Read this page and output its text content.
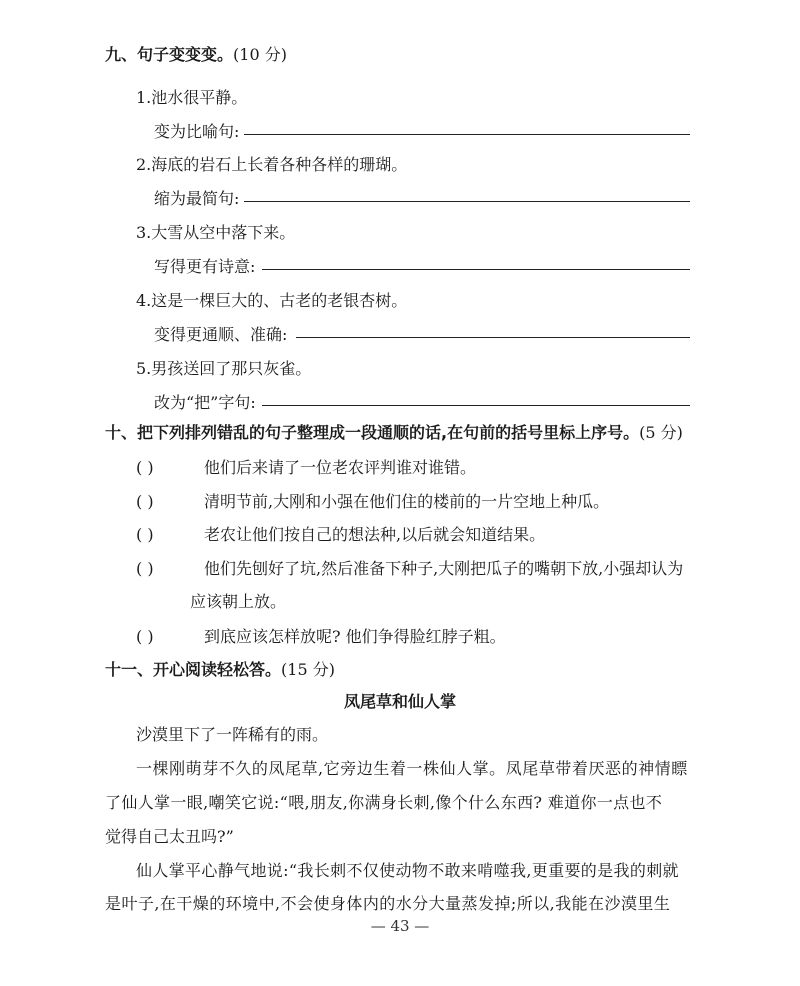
九、句子变变变。(10 分)
1.池水很平静。
变为比喻句:
2.海底的岩石上长着各种各样的珊瑚。
缩为最简句:
3.大雪从空中落下来。
写得更有诗意:
4.这是一棵巨大的、古老的老银杏树。
变得更通顺、准确:
5.男孩送回了那只灰雀。
改为“把”字句:
十、把下列排列错乱的句子整理成一段通顺的话,在句前的括号里标上序号。(5 分)
( )	他们后来请了一位老农评判谁对谁错。
( )	清明节前,大刚和小强在他们住的楼前的一片空地上种瓜。
( )	老农让他们按自己的想法种,以后就会知道结果。
( )	他们先刨好了坑,然后准备下种子,大刚把瓜子的嘴朝下放,小强却认为
应该朝上放。
( )	到底应该怎样放呢? 他们争得脸红脖子粗。
十一、开心阅读轻松答。(15 分)
凤尾草和仙人掌
沙漠里下了一阵稀有的雨。
一棵刚萌芽不久的凤尾草,它旁边生着一株仙人掌。凤尾草带着厌恶的神情瞟
了仙人掌一眼,嘲笑它说:“喂,朋友,你满身长刺,像个什么东西? 难道你一点也不
觉得自己太丑吗?”
仙人掌平心静气地说:“我长刺不仅使动物不敢来啃噬我,更重要的是我的刺就
是叶子,在干燥的环境中,不会使身体内的水分大量蒸发掉;所以,我能在沙漠里生
— 43 —
